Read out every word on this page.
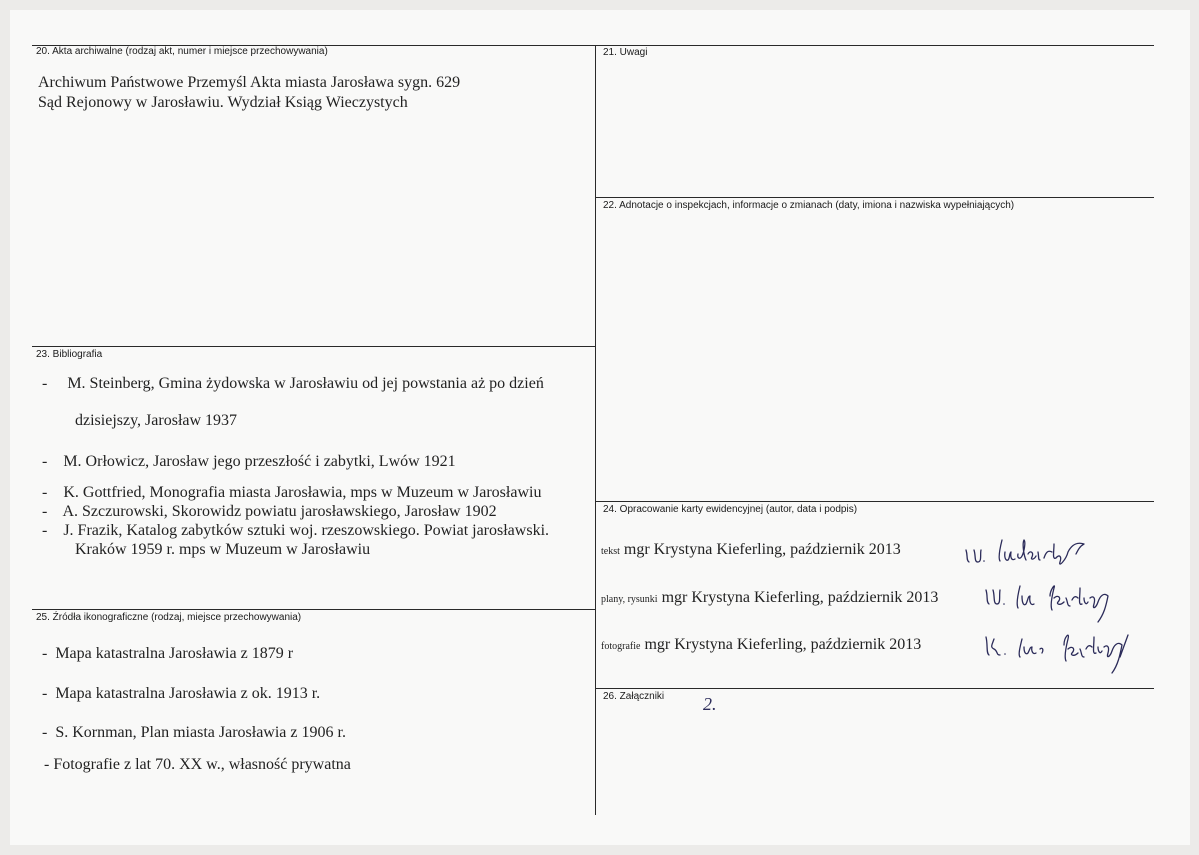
20. Akta archiwalne (rodzaj akt, numer i miejsce przechowywania)
Archiwum Państwowe Przemyśl Akta miasta Jarosława sygn. 629
Sąd Rejonowy w Jarosławiu. Wydział Ksiąg Wieczystych
21. Uwagi
22. Adnotacje o inspekcjach, informacje o zmianach (daty, imiona i nazwiska wypełniających)
23. Bibliografia
-     M. Steinberg, Gmina żydowska w Jarosławiu od jej powstania aż po dzień
dzisiejszy, Jarosław 1937
-    M. Orłowicz, Jarosław jego przeszłość i zabytki, Lwów 1921
-    K. Gottfried, Monografia miasta Jarosławia, mps w Muzeum w Jarosławiu
-    A. Szczurowski, Skorowidz powiatu jarosławskiego, Jarosław 1902
-    J. Frazik, Katalog zabytków sztuki woj. rzeszowskiego. Powiat jarosławski.
Kraków 1959 r. mps w Muzeum w Jarosławiu
24. Opracowanie karty ewidencyjnej (autor, data i podpis)
tekst mgr Krystyna Kieferling, październik 2013
plany, rysunki mgr Krystyna Kieferling, październik 2013
fotografie mgr Krystyna Kieferling, październik 2013
25. Źródła ikonograficzne (rodzaj, miejsce przechowywania)
-  Mapa katastralna Jarosławia z 1879 r
-  Mapa katastralna Jarosławia z ok. 1913 r.
-  S. Kornman, Plan miasta Jarosławia z 1906 r.
- Fotografie z lat 70. XX w., własność prywatna
26. Załączniki 2.
